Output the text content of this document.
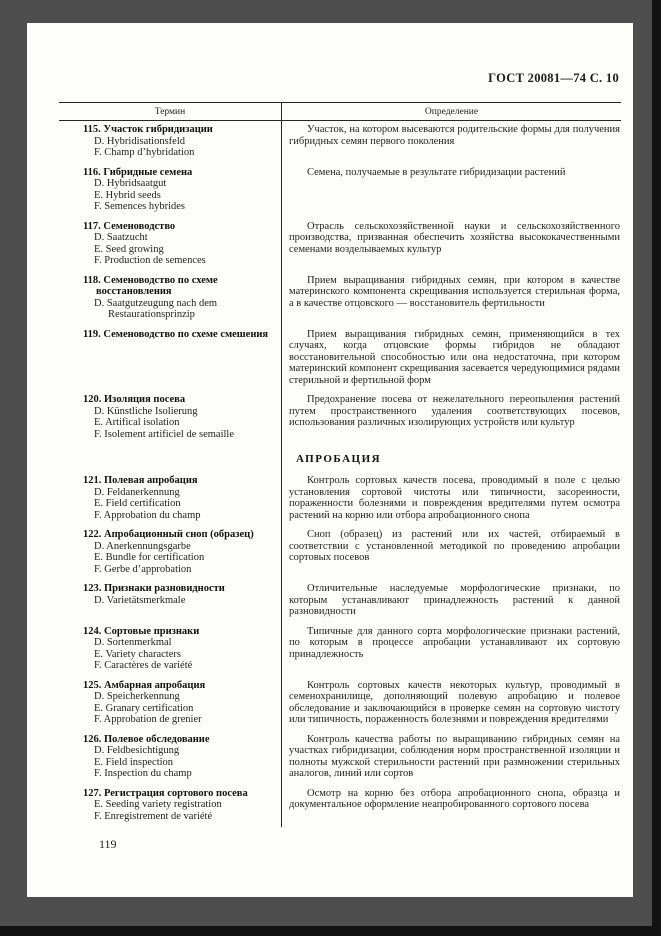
ГОСТ 20081—74 С. 10
Термин	Определение
115. Участок гибридизации
D. Hybridisationsfeld
F. Champ d’hybridation
Участок, на котором высеваются родительские формы для получения гибридных семян первого поколения
116. Гибридные семена
D. Hybridsaatgut
E. Hybrid seeds
F. Semences hybrides
Семена, получаемые в результате гибридизации растений
117. Семеноводство
D. Saatzucht
E. Seed growing
F. Production de semences
Отрасль сельскохозяйственной науки и сельскохозяйственного производства, призванная обеспечить хозяйства высококачественными семенами возделываемых культур
118. Семеноводство по схеме восстановления
D. Saatgutzeugung nach dem Restaurationsprinzip
Прием выращивания гибридных семян, при котором в качестве материнского компонента скрещивания используется стерильная форма, а в качестве отцовского — восстановитель фертильности
119. Семеноводство по схеме смешения	Прием выращивания гибридных семян, применяющийся в тех случаях, когда отцовские формы гибридов не обладают восстановительной способностью или она недостаточна, при котором материнский компонент скрещивания засевается чередующимися рядами стерильной и фертильной форм
120. Изоляция посева
D. Künstliche Isolierung
E. Artifical isolation
F. Isolement artificiel de semaille
Предохранение посева от нежелательного переопыления растений путем пространственного удаления соответствующих посевов, использования различных изолирующих устройств или культур
АПРОБАЦИЯ
121. Полевая апробация
D. Feldanerkennung
E. Field certification
F. Approbation du champ
Контроль сортовых качеств посева, проводимый в поле с целью установления сортовой чистоты или типичности, засоренности, пораженности болезнями и повреждения вредителями путем осмотра растений на корню или отбора апробационного снопа
122. Апробационный сноп (образец)
D. Anerkennungsgarbe
E. Bundle for certification
F. Gerbe d’approbation
Сноп (образец) из растений или их частей, отбираемый в соответствии с установленной методикой по проведению апробации сортовых посевов
123. Признаки разновидности
D. Varietätsmerkmale
Отличительные наследуемые морфологические признаки, по которым устанавливают принадлежность растений к данной разновидности
124. Сортовые признаки
D. Sortenmerkmal
E. Variety characters
F. Caractères de variété
Типичные для данного сорта морфологические признаки растений, по которым в процессе апробации устанавливают их сортовую принадлежность
125. Амбарная апробация
D. Speicherkennung
E. Granary certification
F. Approbation de grenier
Контроль сортовых качеств некоторых культур, проводимый в семенохранилище, дополняющий полевую апробацию и полевое обследование и заключающийся в проверке семян на сортовую чистоту или типичность, пораженность болезнями и повреждения вредителями
126. Полевое обследование
D. Feldbesichtigung
E. Field inspection
F. Inspection du champ
Контроль качества работы по выращиванию гибридных семян на участках гибридизации, соблюдения норм пространственной изоляции и полноты мужской стерильности растений при размножении стерильных аналогов, линий или сортов
127. Регистрация сортового посева
E. Seeding variety registration
F. Enregistrement de variété
Осмотр на корню без отбора апробационного снопа, образца и документальное оформление неапробированного сортового посева
119
